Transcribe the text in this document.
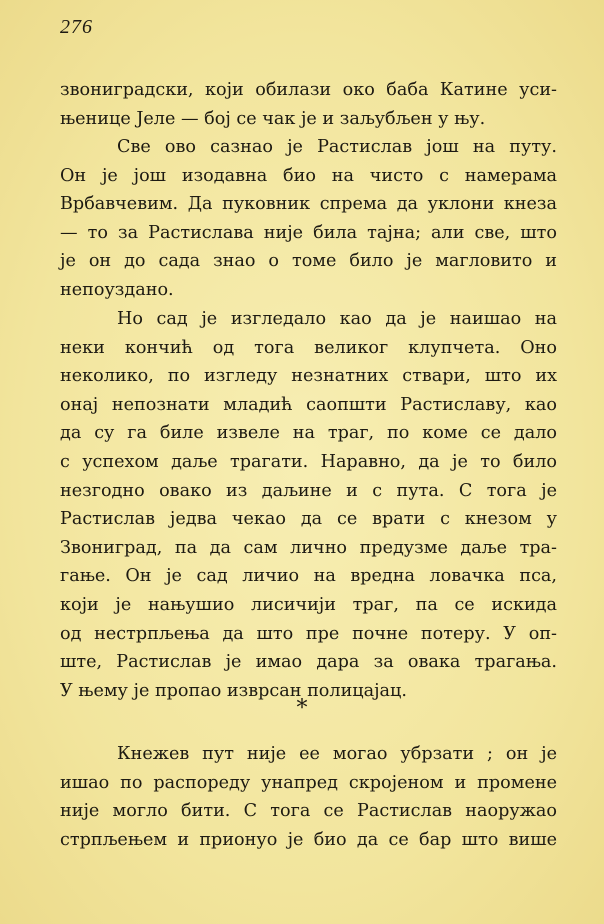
276
звониградски, који обилази око баба Катине уси-
њенице Јеле — бој се чак је и заљубљен у њу.
Све ово сазнао је Растислав још на путу.
Он је још изодавна био на чисто с намерама
Врбавчевим. Да пуковник спрема да уклони кнеза
— то за Растислава није била тајна; али све, што
је он до сада знао о томе било је магловито и
непоуздано.
Но сад је изгледало као да је наишао на
неки кончић од тога великог клупчета. Оно
неколико, по изгледу незнатних ствари, што их
онај непознати младић саопшти Растиславу, као
да су га биле извеле на траг, по коме се дало
с успехом даље трагати. Нарaвно, да је то било
незгодно овако из даљине и с пута. С тога је
Растислав једва чекао да се врати с кнезом у
Звониград, па да сам лично предузме даље тра-
гање. Он је сад личио на вредна ловачка пса,
који је нањушио лисичији траг, па се искида
од нестрпљења да што пре почне потеру. У оп-
ште, Растислав је имао дара за овака трагања.
У њему је пропао изврсан полицајац.
*
Кнежев пут није ее могао убрзати ; он је
ишао по распореду унапред скројеном и промене
није могло бити. С тога се Растислав наоружао
стрпљењем и прионуо је био да се бар што више
